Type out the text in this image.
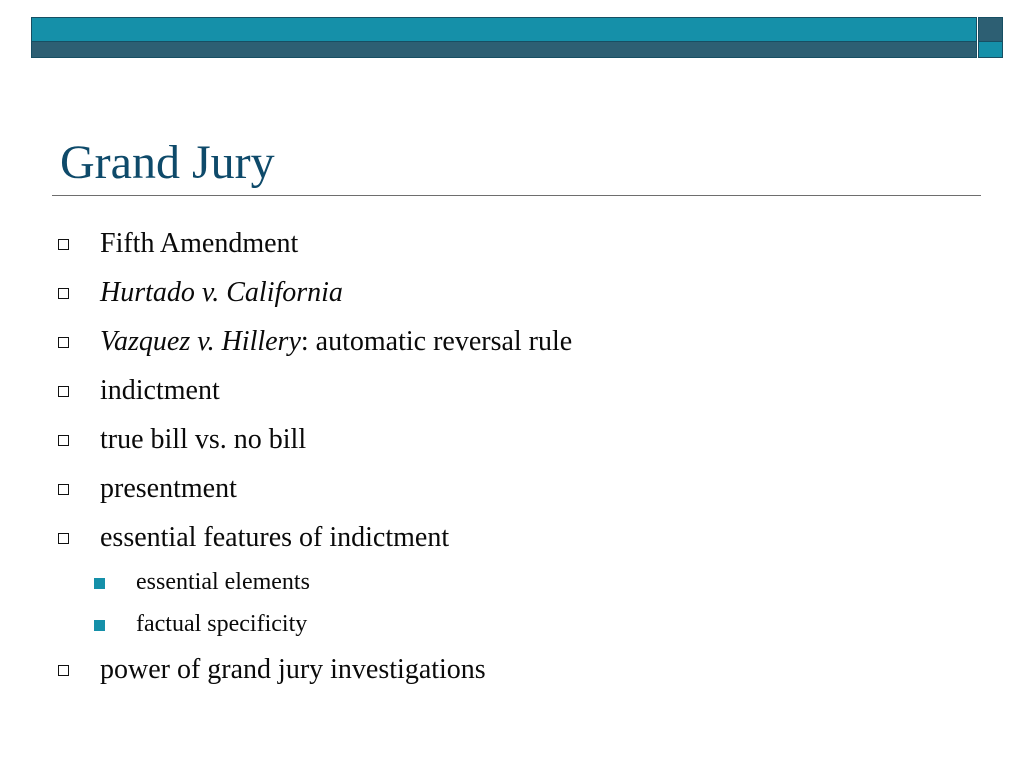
Grand Jury
Fifth Amendment
Hurtado v. California
Vazquez v. Hillery: automatic reversal rule
indictment
true bill vs. no bill
presentment
essential features of indictment
essential elements
factual specificity
power of grand jury investigations
